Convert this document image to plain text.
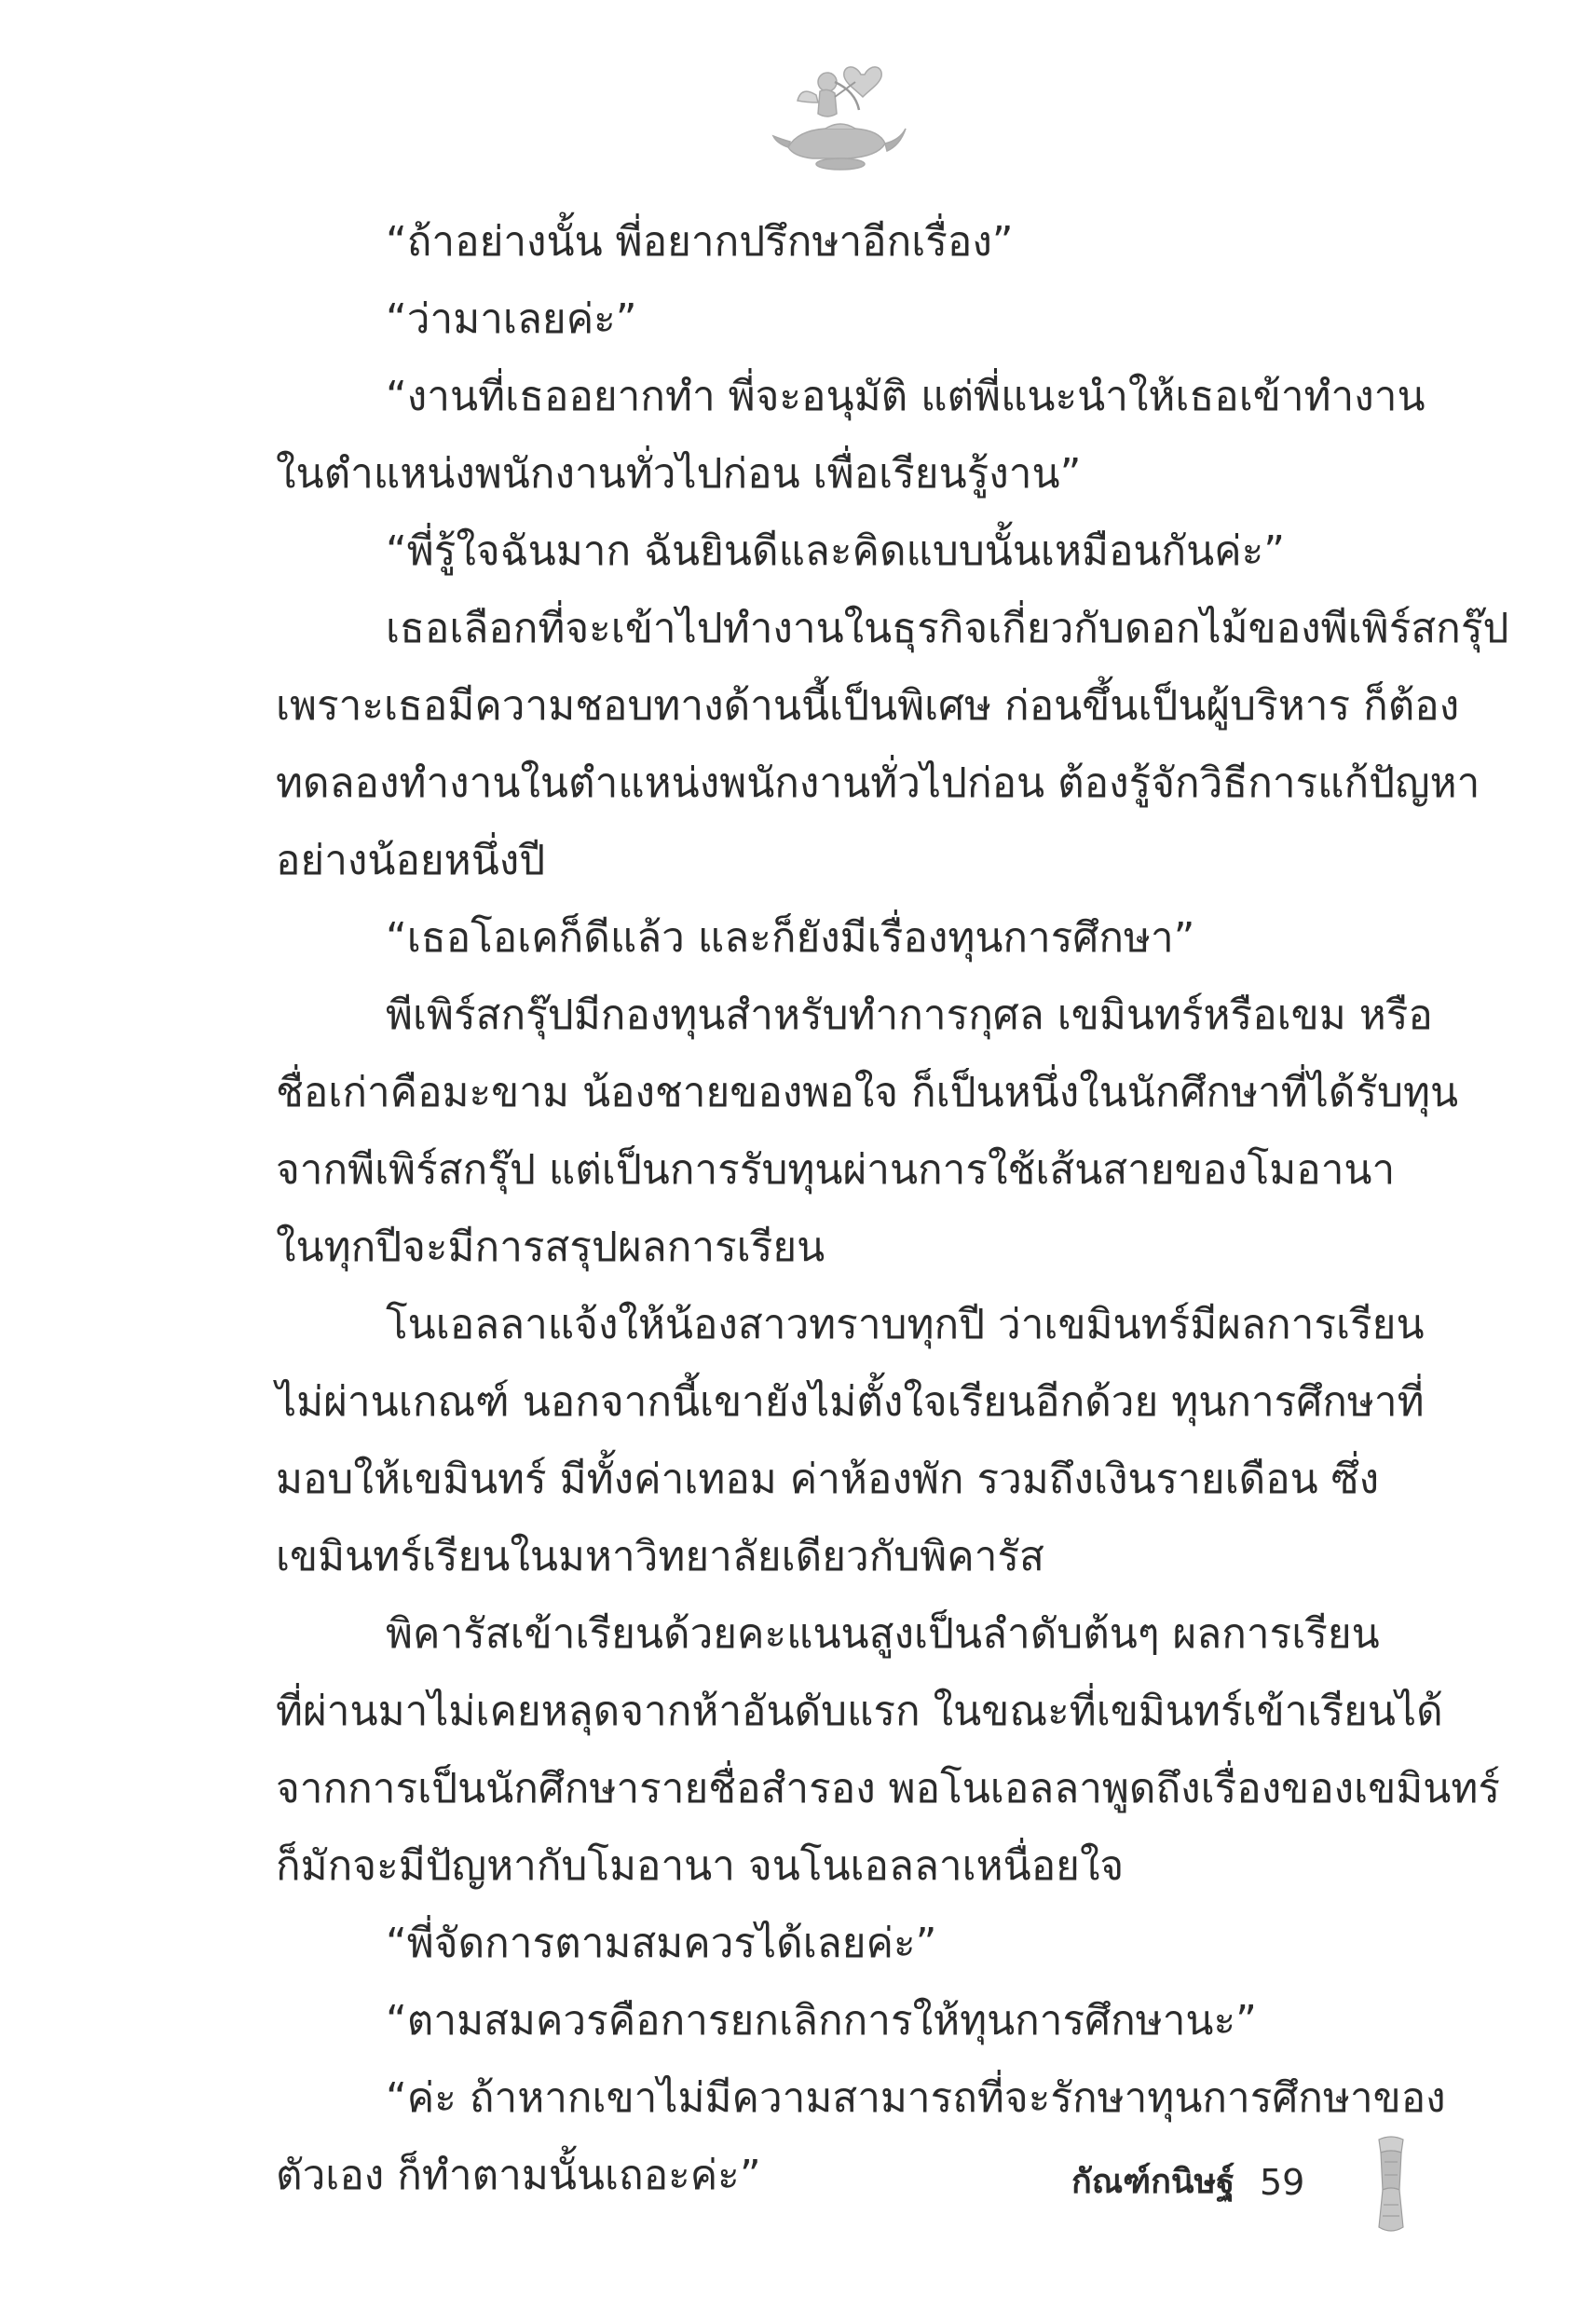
“ถ้าอย่างนั้น พี่อยากปรึกษาอีกเรื่อง”
“ว่ามาเลยค่ะ”
“งานที่เธออยากทำ พี่จะอนุมัติ แต่พี่แนะนำให้เธอเข้าทำงาน
ในตำแหน่งพนักงานทั่วไปก่อน เพื่อเรียนรู้งาน”
“พี่รู้ใจฉันมาก ฉันยินดีและคิดแบบนั้นเหมือนกันค่ะ”
เธอเลือกที่จะเข้าไปทำงานในธุรกิจเกี่ยวกับดอกไม้ของพีเพิร์สกรุ๊ป
เพราะเธอมีความชอบทางด้านนี้เป็นพิเศษ ก่อนขึ้นเป็นผู้บริหาร ก็ต้อง
ทดลองทำงานในตำแหน่งพนักงานทั่วไปก่อน ต้องรู้จักวิธีการแก้ปัญหา
อย่างน้อยหนึ่งปี
“เธอโอเคก็ดีแล้ว และก็ยังมีเรื่องทุนการศึกษา”
พีเพิร์สกรุ๊ปมีกองทุนสำหรับทำการกุศล เขมินทร์หรือเขม หรือ
ชื่อเก่าคือมะขาม น้องชายของพอใจ ก็เป็นหนึ่งในนักศึกษาที่ได้รับทุน
จากพีเพิร์สกรุ๊ป แต่เป็นการรับทุนผ่านการใช้เส้นสายของโมอานา
ในทุกปีจะมีการสรุปผลการเรียน
โนเอลลาแจ้งให้น้องสาวทราบทุกปี ว่าเขมินทร์มีผลการเรียน
ไม่ผ่านเกณฑ์ นอกจากนี้เขายังไม่ตั้งใจเรียนอีกด้วย ทุนการศึกษาที่
มอบให้เขมินทร์ มีทั้งค่าเทอม ค่าห้องพัก รวมถึงเงินรายเดือน ซึ่ง
เขมินทร์เรียนในมหาวิทยาลัยเดียวกับพิคารัส
พิคารัสเข้าเรียนด้วยคะแนนสูงเป็นลำดับต้นๆ ผลการเรียน
ที่ผ่านมาไม่เคยหลุดจากห้าอันดับแรก ในขณะที่เขมินทร์เข้าเรียนได้
จากการเป็นนักศึกษารายชื่อสำรอง พอโนเอลลาพูดถึงเรื่องของเขมินทร์
ก็มักจะมีปัญหากับโมอานา จนโนเอลลาเหนื่อยใจ
“พี่จัดการตามสมควรได้เลยค่ะ”
“ตามสมควรคือการยกเลิกการให้ทุนการศึกษานะ”
“ค่ะ ถ้าหากเขาไม่มีความสามารถที่จะรักษาทุนการศึกษาของ
ตัวเอง ก็ทำตามนั้นเถอะค่ะ”	กัณฑ์กนิษฐ์ 59
